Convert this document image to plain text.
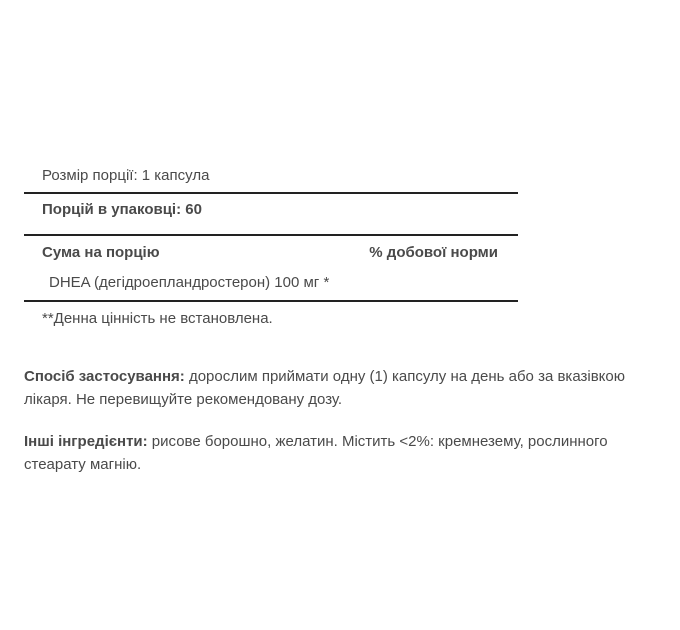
Розмір порції: 1 капсула
Порцій в упаковці: 60
Сума на порцію	% добової норми
DHEA (дегідроепландростерон) 100 мг *
**Денна цінність не встановлена.
Спосіб застосування: дорослим приймати одну (1) капсулу на день або за вказівкою лікаря. Не перевищуйте рекомендовану дозу.
Інші інгредієнти: рисове борошно, желатин. Містить <2%: кремнезему, рослинного стеарату магнію.
